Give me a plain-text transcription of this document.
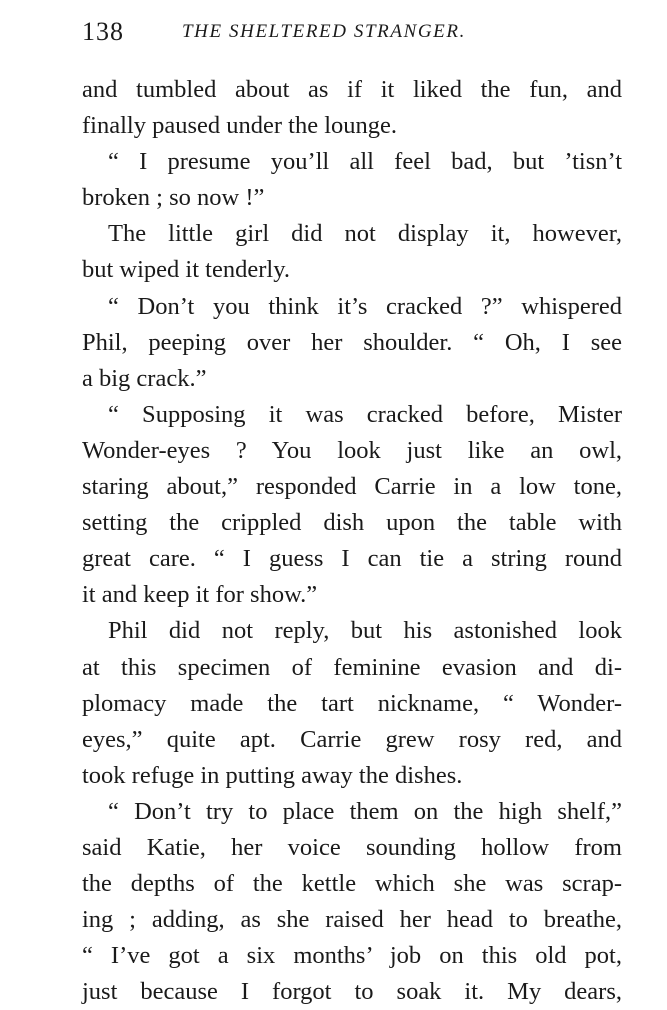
138	THE SHELTERED STRANGER.
and tumbled about as if it liked the fun, and
finally paused under the lounge.
“ I presume you’ll all feel bad, but ’tisn’t
broken ; so now !”
The little girl did not display it, however,
but wiped it tenderly.
“ Don’t you think it’s cracked ?” whispered
Phil, peeping over her shoulder. “ Oh, I see
a big crack.”
“ Supposing it was cracked before, Mister
Wonder-eyes ? You look just like an owl,
staring about,” responded Carrie in a low tone,
setting the crippled dish upon the table with
great care. “ I guess I can tie a string round
it and keep it for show.”
Phil did not reply, but his astonished look
at this specimen of feminine evasion and di-
plomacy made the tart nickname, “ Wonder-
eyes,” quite apt. Carrie grew rosy red, and
took refuge in putting away the dishes.
“ Don’t try to place them on the high shelf,”
said Katie, her voice sounding hollow from
the depths of the kettle which she was scrap-
ing ; adding, as she raised her head to breathe,
“ I’ve got a six months’ job on this old pot,
just because I forgot to soak it. My dears,
